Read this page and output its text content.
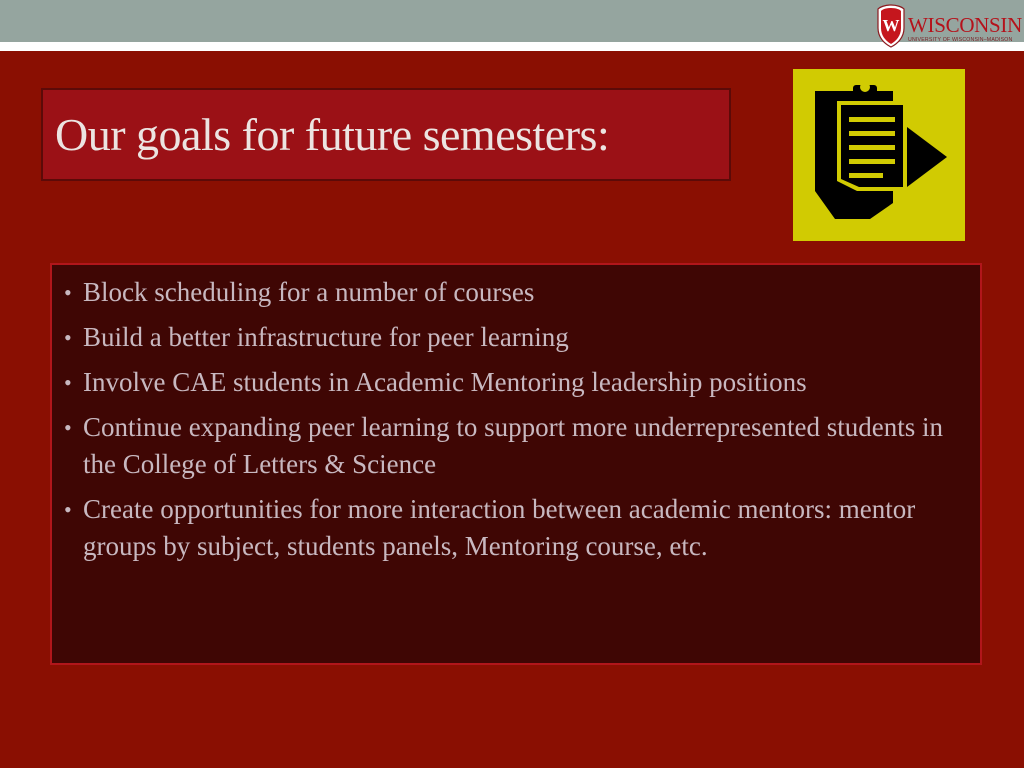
W WISCONSIN
UNIVERSITY OF WISCONSIN–MADISON
Our goals for future semesters:
• Block scheduling for a number of courses
• Build a better infrastructure for peer learning
• Involve CAE students in Academic Mentoring leadership positions
• Continue expanding peer learning to support more underrepresented students in the College of Letters & Science
• Create opportunities for more interaction between academic mentors: mentor groups by subject, students panels, Mentoring course, etc.
